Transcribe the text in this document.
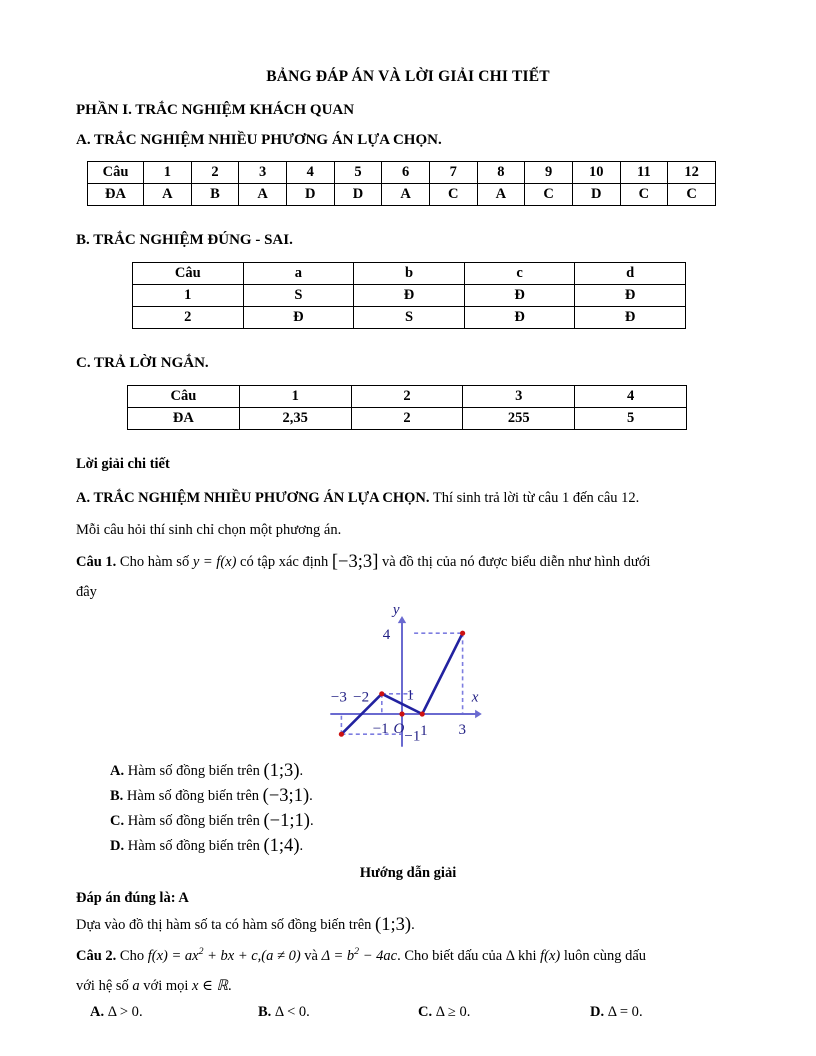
BẢNG ĐÁP ÁN VÀ LỜI GIẢI CHI TIẾT
PHẦN I. TRẮC NGHIỆM KHÁCH QUAN
A. TRẮC NGHIỆM NHIỀU PHƯƠNG ÁN LỰA CHỌN.
Câu	1	2	3	4	5	6	7	8	9	10	11	12
ĐA	A	B	A	D	D	A	C	A	C	D	C	C
B. TRẮC NGHIỆM ĐÚNG - SAI.
Câu	a	b	c	d
1	S	Đ	Đ	Đ
2	Đ	S	Đ	Đ
C. TRẢ LỜI NGẮN.
Câu	1	2	3	4
ĐA	2,35	2	255	5
Lời giải chi tiết
A. TRẮC NGHIỆM NHIỀU PHƯƠNG ÁN LỰA CHỌN. Thí sinh trả lời từ câu 1 đến câu 12.
Mỗi câu hỏi thí sinh chỉ chọn một phương án.
Câu 1. Cho hàm số y = f(x) có tập xác định [−3;3] và đồ thị của nó được biểu diễn như hình dưới
đây
y
x
4
1
−1
−3 −2
−1 O 1 3
A. Hàm số đồng biến trên (1;3).
B. Hàm số đồng biến trên (−3;1).
C. Hàm số đồng biến trên (−1;1).
D. Hàm số đồng biến trên (1;4).
Hướng dẫn giải
Đáp án đúng là: A
Dựa vào đồ thị hàm số ta có hàm số đồng biến trên (1;3).
Câu 2. Cho $f(x) = ax^2$ + bx + c,(a ≠ 0) và $\Delta = b^2 - 4ac$. Cho biết dấu của Δ khi f(x) luôn cùng dấu
với hệ số a với mọi x ∈ ℝ.
A. Δ > 0.	B. Δ < 0.	C. Δ ≥ 0.	D. Δ = 0.
